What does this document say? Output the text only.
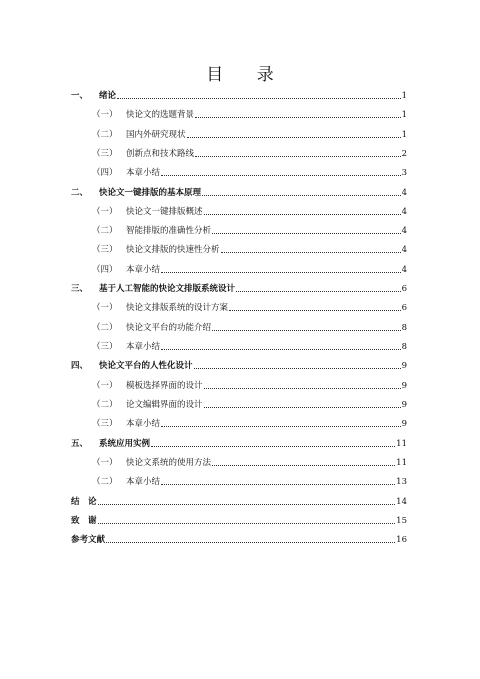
目 录
一、	绪论	1
（一） 快论文的选题背景	1
（二） 国内外研究现状	1
（三） 创新点和技术路线	2
（四） 本章小结	3
二、	快论文一键排版的基本原理	4
（一） 快论文一键排版概述	4
（二） 智能排版的准确性分析	4
（三） 快论文排版的快速性分析	4
（四） 本章小结	4
三、	基于人工智能的快论文排版系统设计	6
（一） 快论文排版系统的设计方案	6
（二） 快论文平台的功能介绍	8
（三） 本章小结	8
四、	快论文平台的人性化设计	9
（一） 模板选择界面的设计	9
（二） 论文编辑界面的设计	9
（三） 本章小结	9
五、	系统应用实例	11
（一） 快论文系统的使用方法	11
（二） 本章小结	13
结　论	14
致　谢	15
参考文献	16
